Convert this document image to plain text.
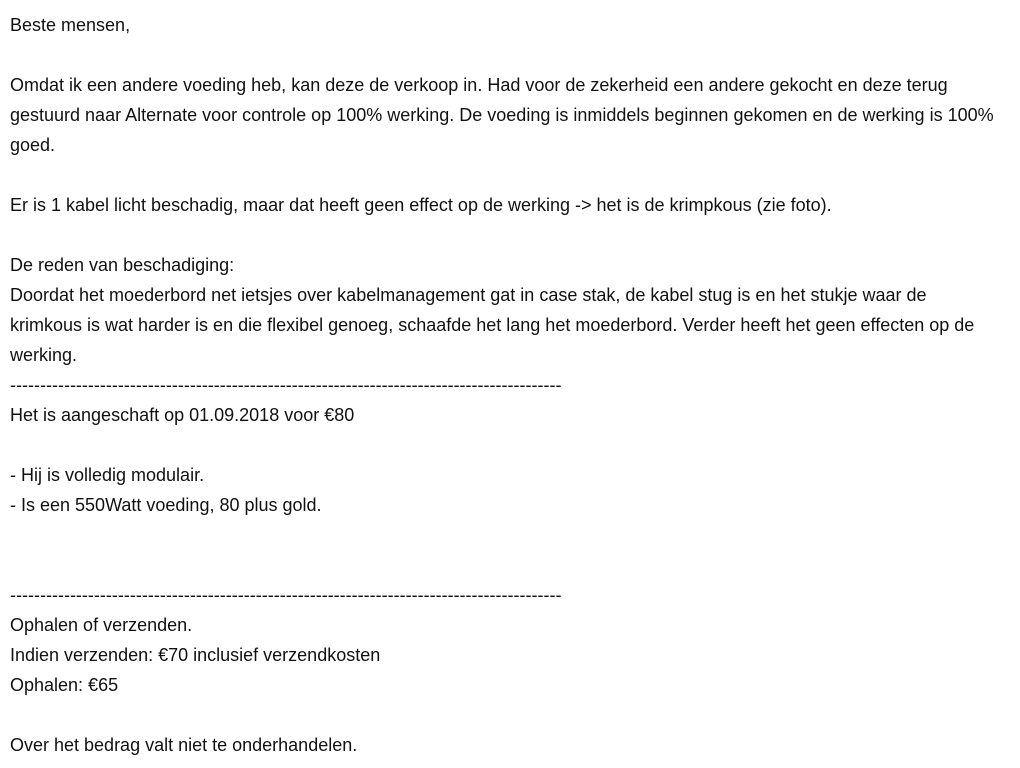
Beste mensen,
Omdat ik een andere voeding heb, kan deze de verkoop in. Had voor de zekerheid een andere gekocht en deze terug gestuurd naar Alternate voor controle op 100% werking. De voeding is inmiddels beginnen gekomen en de werking is 100% goed.
Er is 1 kabel licht beschadig, maar dat heeft geen effect op de werking -> het is de krimpkous (zie foto).
De reden van beschadiging:
Doordat het moederbord net ietsjes over kabelmanagement gat in case stak, de kabel stug is en het stukje waar de krimkous is wat harder is en die flexibel genoeg, schaafde het lang het moederbord. Verder heeft het geen effecten op de werking.
--------------------------------------------------------------------------------------------
Het is aangeschaft op 01.09.2018 voor €80
- Hij is volledig modulair.
- Is een 550Watt voeding, 80 plus gold.
--------------------------------------------------------------------------------------------
Ophalen of verzenden.
Indien verzenden: €70 inclusief verzendkosten
Ophalen: €65
Over het bedrag valt niet te onderhandelen.
